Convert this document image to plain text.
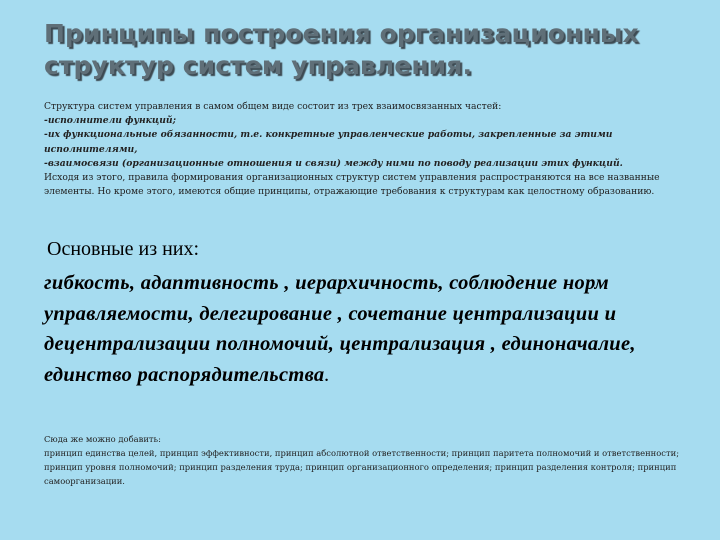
Принципы построения организационных
структур систем управления.

Структура систем управления в самом общем виде состоит из трех взаимосвязанных частей:

-исполнители функций;

-их функциональные обязанности, т.е. конкретные управленческие работы, закрепленные за этими исполнителями,

-взаимосвязи (организационные отношения и связи) между ними по поводу реализации этих функций.

Исходя из этого, правила формирования организационных структур систем управления распространяются на все названные элементы. Но кроме этого, имеются общие принципы, отражающие требования к структурам как целостному образованию.

Основные из них:

гибкость, адаптивность , иерархичность, соблюдение норм управляемости, делегирование , сочетание централизации и децентрализации полномочий, централизация , единоначалие, единство распорядительства.

Сюда же можно добавить:

принцип единства целей, принцип эффективности, принцип абсолютной ответственности; принцип паритета полномочий и ответственности; принцип уровня полномочий; принцип разделения труда; принцип организационного определения; принцип разделения контроля; принцип самоорганизации.
